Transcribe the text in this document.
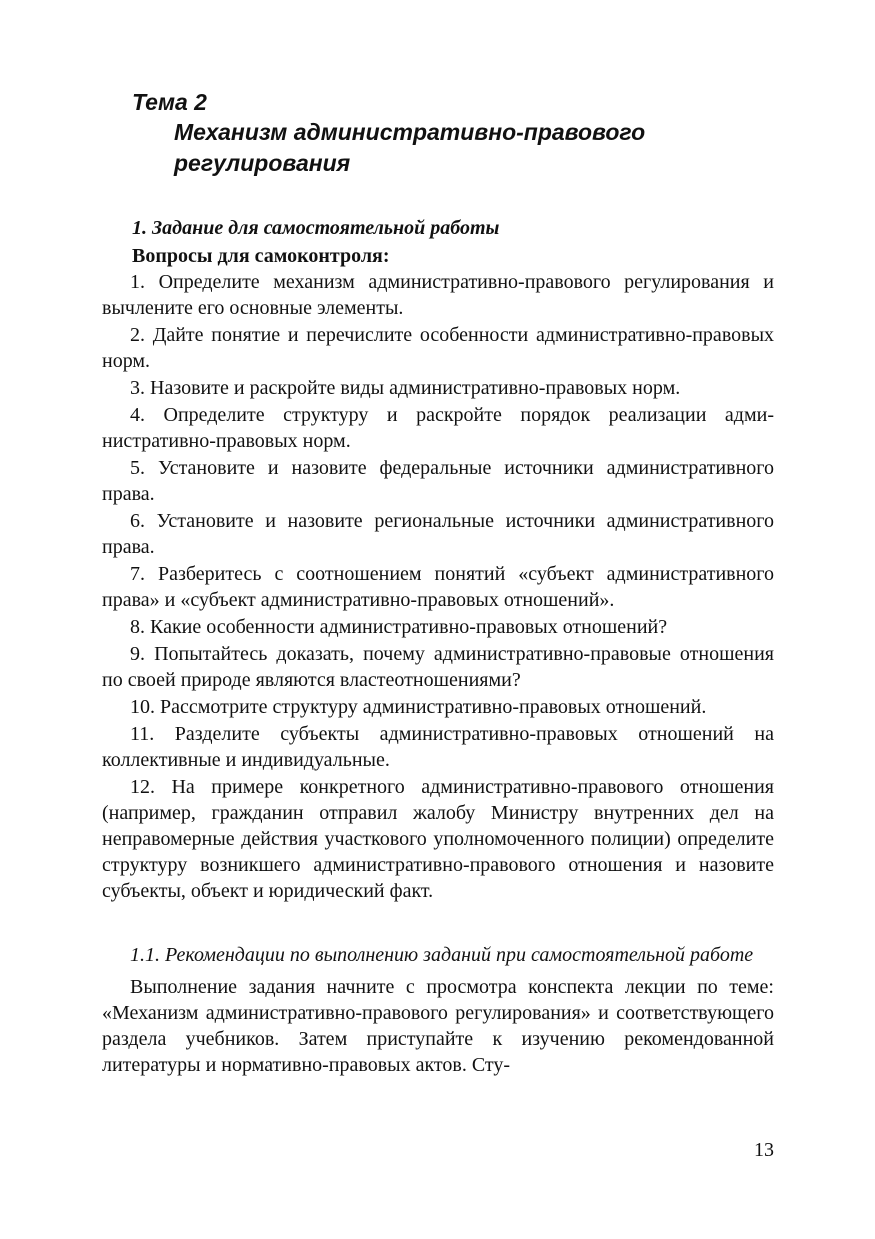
Тема 2
Механизм административно-правового регулирования
1. Задание для самостоятельной работы
Вопросы для самоконтроля:
1. Определите механизм административно-правового регулирования и вычлените его основные элементы.
2. Дайте понятие и перечислите особенности административно-правовых норм.
3. Назовите и раскройте виды административно-правовых норм.
4. Определите структуру и раскройте порядок реализации административно-правовых норм.
5. Установите и назовите федеральные источники административного права.
6. Установите и назовите региональные источники административного права.
7. Разберитесь с соотношением понятий «субъект административного права» и «субъект административно-правовых отношений».
8. Какие особенности административно-правовых отношений?
9. Попытайтесь доказать, почему административно-правовые отношения по своей природе являются властеотношениями?
10. Рассмотрите структуру административно-правовых отношений.
11. Разделите субъекты административно-правовых отношений на коллективные и индивидуальные.
12. На примере конкретного административно-правового отношения (например, гражданин отправил жалобу Министру внутренних дел на неправомерные действия участкового уполномоченного полиции) определите структуру возникшего административно-правового отношения и назовите субъекты, объект и юридический факт.
1.1. Рекомендации по выполнению заданий при самостоятельной работе

Выполнение задания начните с просмотра конспекта лекции по теме: «Механизм административно-правового регулирования» и соответствующего раздела учебников. Затем приступайте к изучению рекомендованной литературы и нормативно-правовых актов. Сту-

13
